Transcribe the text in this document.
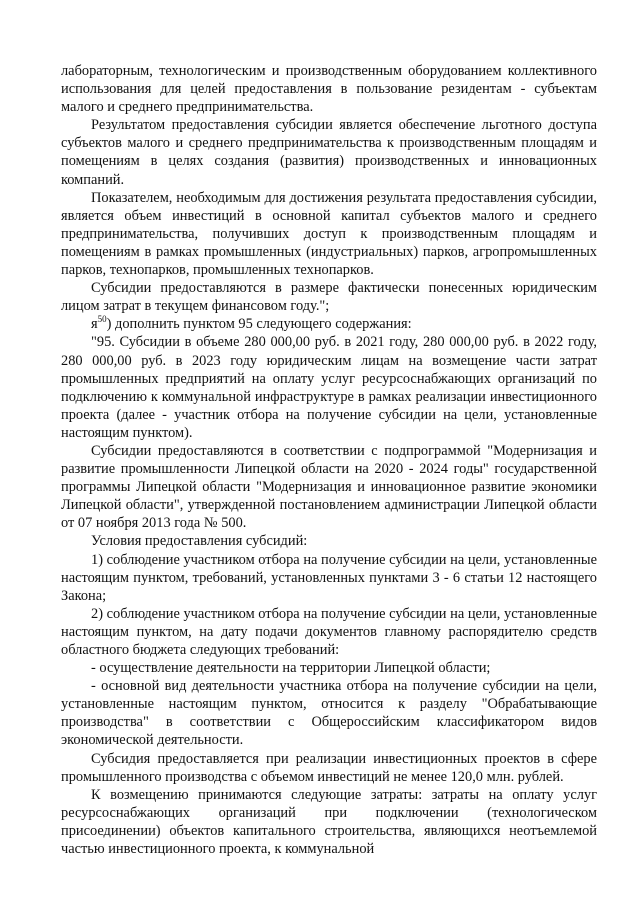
лабораторным, технологическим и производственным оборудованием коллективного использования для целей предоставления в пользование резидентам - субъектам малого и среднего предпринимательства.

Результатом предоставления субсидии является обеспечение льготного доступа субъектов малого и среднего предпринимательства к производственным площадям и помещениям в целях создания (развития) производственных и инновационных компаний.

Показателем, необходимым для достижения результата предоставления субсидии, является объем инвестиций в основной капитал субъектов малого и среднего предпринимательства, получивших доступ к производственным площадям и помещениям в рамках промышленных (индустриальных) парков, агропромышленных парков, технопарков, промышленных технопарков.

Субсидии предоставляются в размере фактически понесенных юридическим лицом затрат в текущем финансовом году.";

$я^{50}$) дополнить пунктом 95 следующего содержания:

"95. Субсидии в объеме 280 000,00 руб. в 2021 году, 280 000,00 руб. в 2022 году, 280 000,00 руб. в 2023 году юридическим лицам на возмещение части затрат промышленных предприятий на оплату услуг ресурсоснабжающих организаций по подключению к коммунальной инфраструктуре в рамках реализации инвестиционного проекта (далее - участник отбора на получение субсидии на цели, установленные настоящим пунктом).

Субсидии предоставляются в соответствии с подпрограммой "Модернизация и развитие промышленности Липецкой области на 2020 - 2024 годы" государственной программы Липецкой области "Модернизация и инновационное развитие экономики Липецкой области", утвержденной постановлением администрации Липецкой области от 07 ноября 2013 года № 500.

Условия предоставления субсидий:

1) соблюдение участником отбора на получение субсидии на цели, установленные настоящим пунктом, требований, установленных пунктами 3 - 6 статьи 12 настоящего Закона;

2) соблюдение участником отбора на получение субсидии на цели, установленные настоящим пунктом, на дату подачи документов главному распорядителю средств областного бюджета следующих требований:

- осуществление деятельности на территории Липецкой области;

- основной вид деятельности участника отбора на получение субсидии на цели, установленные настоящим пунктом, относится к разделу "Обрабатывающие производства" в соответствии с Общероссийским классификатором видов экономической деятельности.

Субсидия предоставляется при реализации инвестиционных проектов в сфере промышленного производства с объемом инвестиций не менее 120,0 млн. рублей.

К возмещению принимаются следующие затраты: затраты на оплату услуг ресурсоснабжающих организаций при подключении (технологическом присоединении) объектов капитального строительства, являющихся неотъемлемой частью инвестиционного проекта, к коммунальной
